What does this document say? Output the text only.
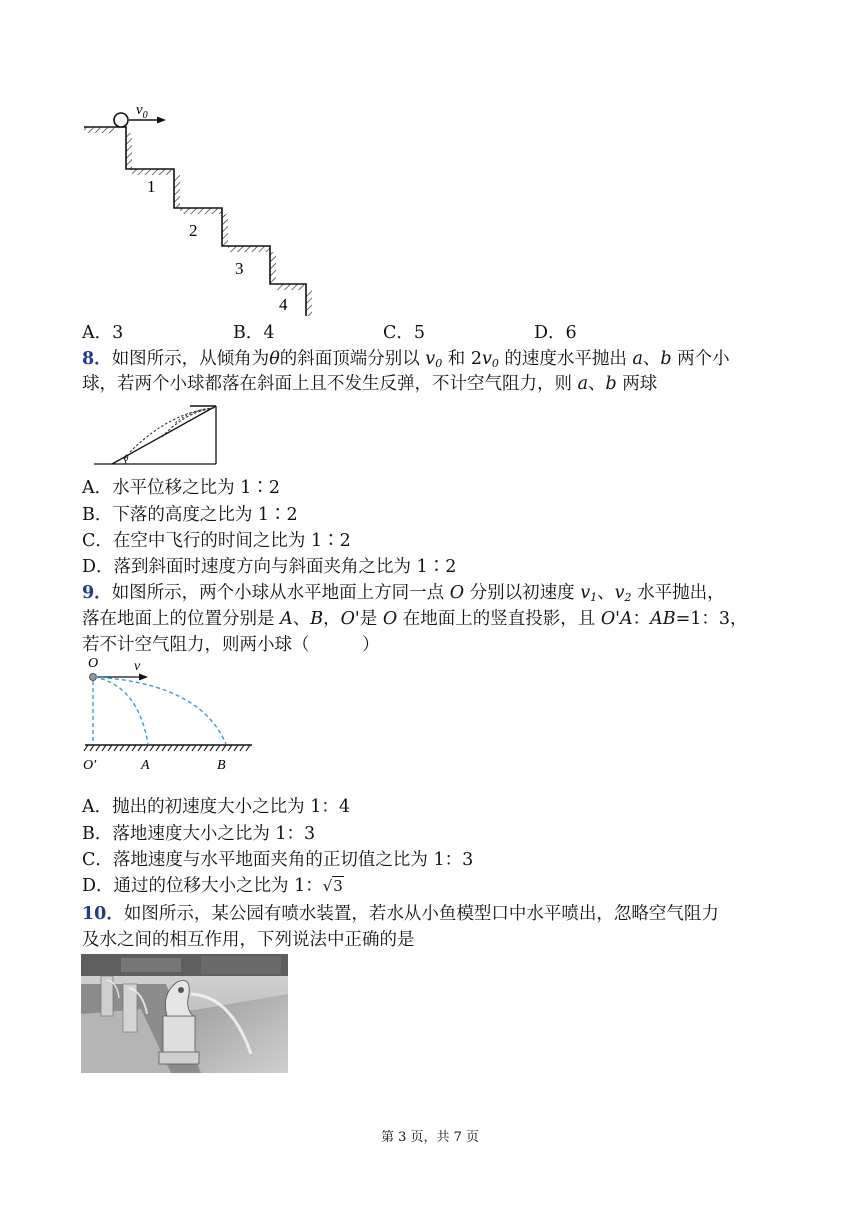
$v_0$
1
2
3
4
A．3	B．4	C．5	D．6
8．如图所示，从倾角为θ的斜面顶端分别以 $v_0$ 和 $2v_0$ 的速度水平抛出 a、b 两个小
球，若两个小球都落在斜面上且不发生反弹，不计空气阻力，则 a、b 两球
θ
A．水平位移之比为 1∶2
B．下落的高度之比为 1∶2
C．在空中飞行的时间之比为 1∶2
D．落到斜面时速度方向与斜面夹角之比为 1∶2
9．如图所示，两个小球从水平地面上方同一点 O 分别以初速度 $v_1$、$v_2$ 水平抛出，
落在地面上的位置分别是 A、B，O'是 O 在地面上的竖直投影，且 O'A：AB=1：3，
若不计空气阻力，则两小球（　　　）
O	v
O′	A	B
A．抛出的初速度大小之比为 1：4
B．落地速度大小之比为 1：3
C．落地速度与水平地面夹角的正切值之比为 1：3
D．通过的位移大小之比为 1：√3
10．如图所示，某公园有喷水装置，若水从小鱼模型口中水平喷出，忽略空气阻力
及水之间的相互作用，下列说法中正确的是
第 3 页，共 7 页
